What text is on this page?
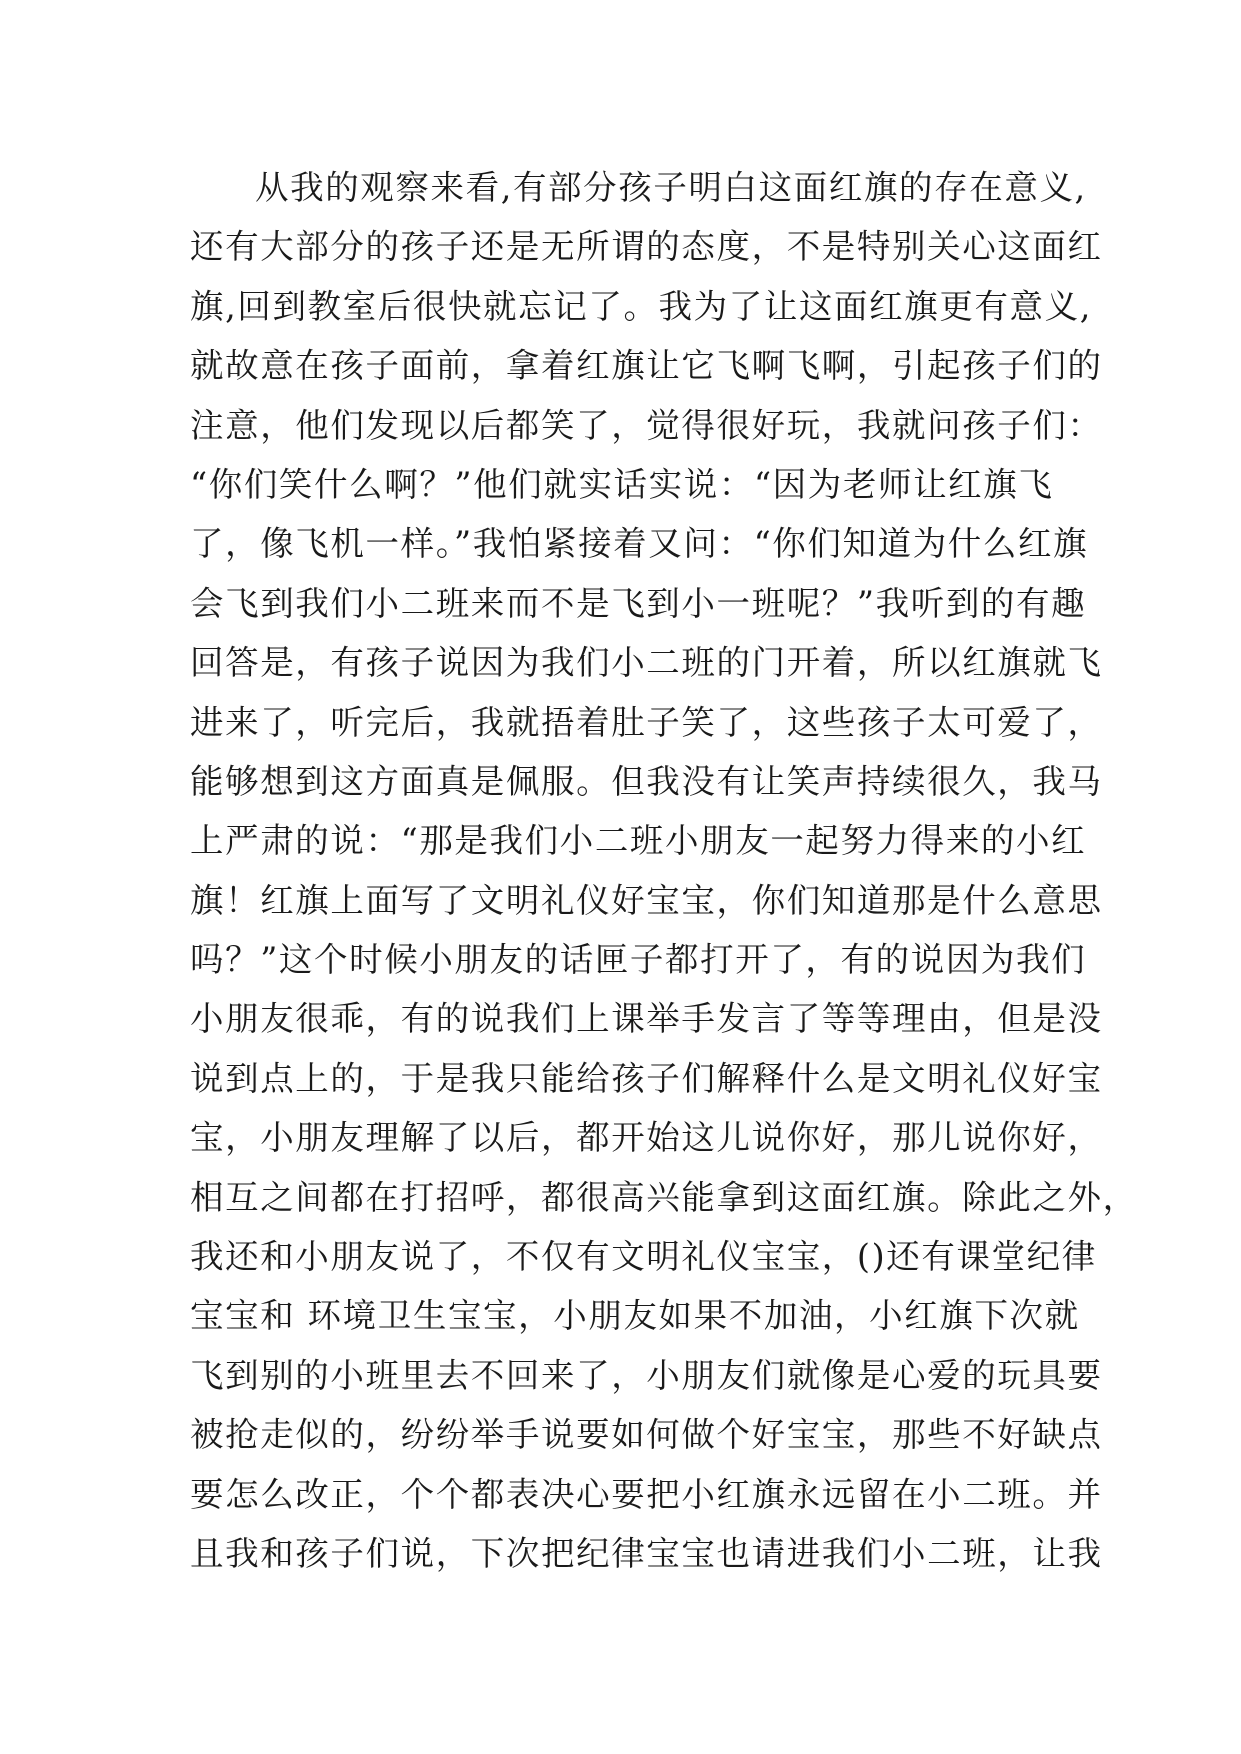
从我的观察来看,有部分孩子明白这面红旗的存在意义,
还有大部分的孩子还是无所谓的态度，不是特别关心这面红
旗,回到教室后很快就忘记了。我为了让这面红旗更有意义,
就故意在孩子面前，拿着红旗让它飞啊飞啊，引起孩子们的
注意，他们发现以后都笑了，觉得很好玩，我就问孩子们：
“你们笑什么啊？”他们就实话实说：“因为老师让红旗飞
了，像飞机一样。”我怕紧接着又问：“你们知道为什么红旗
会飞到我们小二班来而不是飞到小一班呢？”我听到的有趣
回答是，有孩子说因为我们小二班的门开着，所以红旗就飞
进来了，听完后，我就捂着肚子笑了，这些孩子太可爱了，
能够想到这方面真是佩服。但我没有让笑声持续很久，我马
上严肃的说：“那是我们小二班小朋友一起努力得来的小红
旗！红旗上面写了文明礼仪好宝宝，你们知道那是什么意思
吗？”这个时候小朋友的话匣子都打开了，有的说因为我们
小朋友很乖，有的说我们上课举手发言了等等理由，但是没
说到点上的，于是我只能给孩子们解释什么是文明礼仪好宝
宝，小朋友理解了以后，都开始这儿说你好，那儿说你好，
相互之间都在打招呼，都很高兴能拿到这面红旗。除此之外，
我还和小朋友说了，不仅有文明礼仪宝宝，()还有课堂纪律
宝宝和 环境卫生宝宝，小朋友如果不加油，小红旗下次就
飞到别的小班里去不回来了，小朋友们就像是心爱的玩具要
被抢走似的，纷纷举手说要如何做个好宝宝，那些不好缺点
要怎么改正，个个都表决心要把小红旗永远留在小二班。并
且我和孩子们说，下次把纪律宝宝也请进我们小二班，让我
